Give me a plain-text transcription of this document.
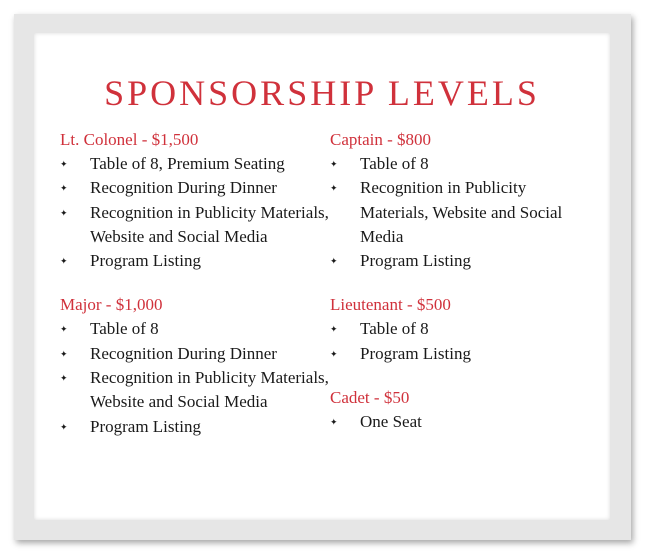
SPONSORSHIP LEVELS
Lt. Colonel - $1,500
✦	Table of 8, Premium Seating
✦	Recognition During Dinner
✦	Recognition in Publicity Materials, Website and Social Media
✦	Program Listing
Major - $1,000
✦	Table of 8
✦	Recognition During Dinner
✦	Recognition in Publicity Materials, Website and Social Media
✦	Program Listing
Captain - $800
✦	Table of 8
✦	Recognition in Publicity Materials, Website and Social Media
✦	Program Listing
Lieutenant - $500
✦	Table of 8
✦	Program Listing
Cadet - $50
✦	One Seat
